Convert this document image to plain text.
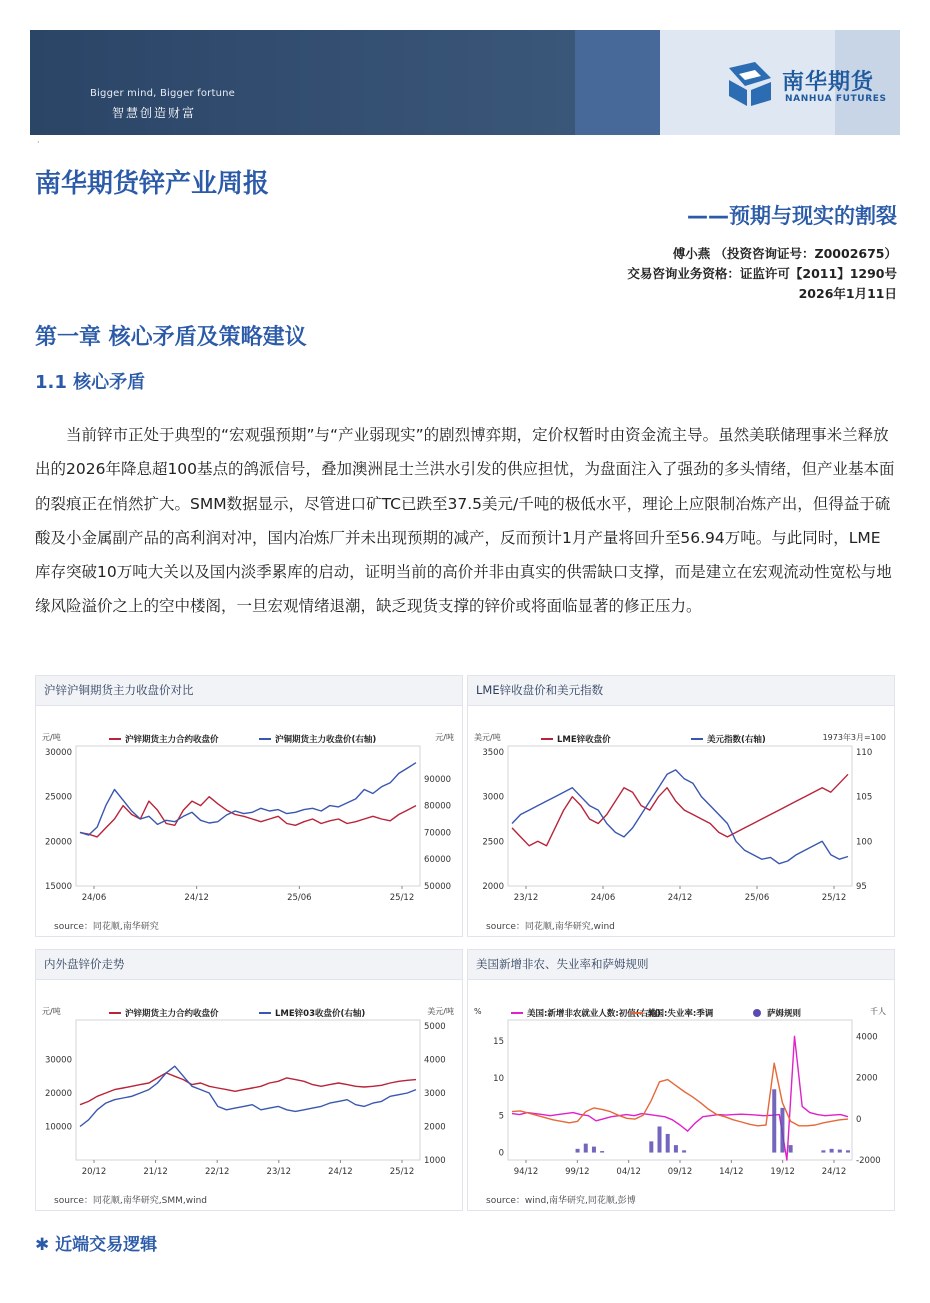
Bigger mind, Bigger fortune
智慧创造财富
南华期货
NANHUA FUTURES
·
南华期货锌产业周报
——预期与现实的割裂
傅小燕 （投资咨询证号：Z0002675）
交易咨询业务资格：证监许可【2011】1290号
2026年1月11日
第一章 核心矛盾及策略建议
1.1 核心矛盾

当前锌市正处于典型的“宏观强预期”与“产业弱现实”的剧烈博弈期，定价权暂时由资金流主导。虽然美联储理事米兰释放出的2026年降息超100基点的鸽派信号，叠加澳洲昆士兰洪水引发的供应担忧，为盘面注入了强劲的多头情绪，但产业基本面的裂痕正在悄然扩大。SMM数据显示，尽管进口矿TC已跌至37.5美元/千吨的极低水平，理论上应限制冶炼产出，但得益于硫酸及小金属副产品的高利润对冲，国内冶炼厂并未出现预期的减产，反而预计1月产量将回升至56.94万吨。与此同时，LME库存突破10万吨大关以及国内淡季累库的启动，证明当前的高价并非由真实的供需缺口支撑，而是建立在宏观流动性宽松与地缘风险溢价之上的空中楼阁，一旦宏观情绪退潮，缺乏现货支撑的锌价或将面临显著的修正压力。

沪锌沪铜期货主力收盘价对比
元/吨	元/吨
沪锌期货主力合约收盘价	沪铜期货主力收盘价(右轴)
30000
25000
20000
15000
90000
80000
70000
60000
50000
24/06	24/12	25/06	25/12
source：同花顺,南华研究
LME锌收盘价和美元指数
美元/吨	1973年3月=100
LME锌收盘价	美元指数(右轴)
3500
3000
2500
2000
110
105
100
95
23/12	24/06	24/12	25/06	25/12
source：同花顺,南华研究,wind
内外盘锌价走势
元/吨	美元/吨
沪锌期货主力合约收盘价	LME锌03收盘价(右轴)
30000
20000
10000
5000
4000
3000
2000
1000
20/12	21/12	22/12	23/12	24/12	25/12
source：同花顺,南华研究,SMM,wind
美国新增非农、失业率和萨姆规则
%	千人
美国:新增非农就业人数:初值(右轴)
美国:失业率:季调	萨姆规则
15
10
5
0
4000
2000
0
-2000
94/12	99/12	04/12	09/12	14/12	19/12	24/12
source：wind,南华研究,同花顺,彭博
✱ 近端交易逻辑
